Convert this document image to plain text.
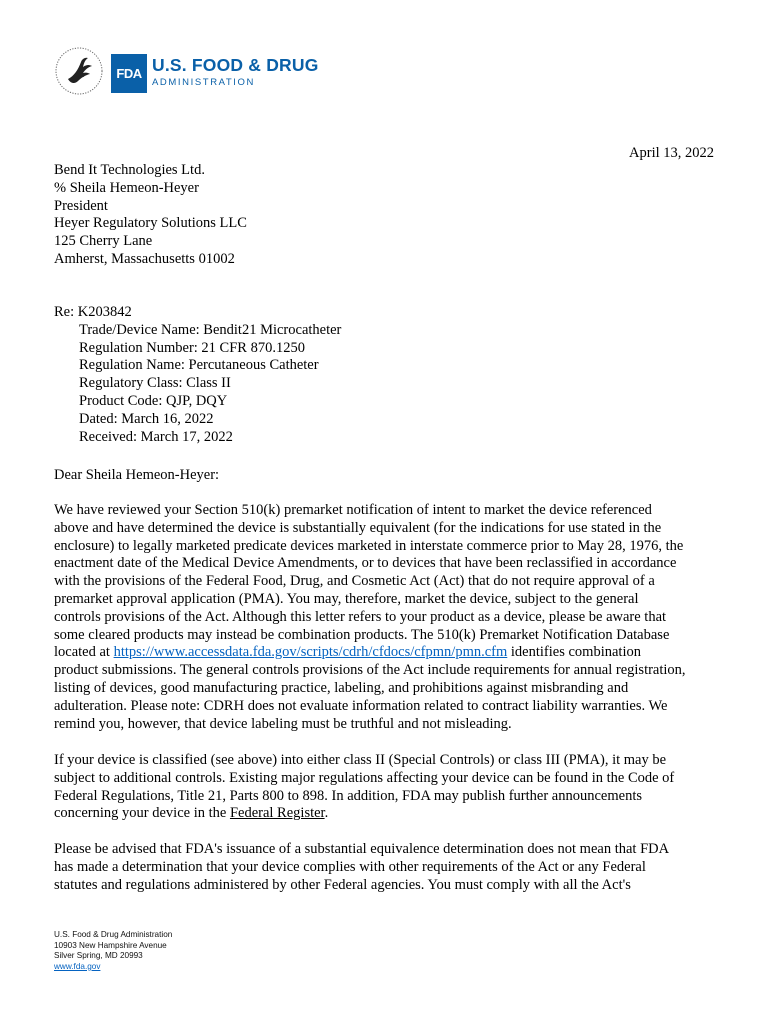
FDA U.S. FOOD & DRUG
ADMINISTRATION
April 13, 2022
Bend It Technologies Ltd.
% Sheila Hemeon-Heyer
President
Heyer Regulatory Solutions LLC
125 Cherry Lane
Amherst, Massachusetts 01002
Re: K203842
Trade/Device Name: Bendit21 Microcatheter
Regulation Number: 21 CFR 870.1250
Regulation Name: Percutaneous Catheter
Regulatory Class: Class II
Product Code: QJP, DQY
Dated: March 16, 2022
Received: March 17, 2022
Dear Sheila Hemeon-Heyer:
We have reviewed your Section 510(k) premarket notification of intent to market the device referenced
above and have determined the device is substantially equivalent (for the indications for use stated in the
enclosure) to legally marketed predicate devices marketed in interstate commerce prior to May 28, 1976, the
enactment date of the Medical Device Amendments, or to devices that have been reclassified in accordance
with the provisions of the Federal Food, Drug, and Cosmetic Act (Act) that do not require approval of a
premarket approval application (PMA). You may, therefore, market the device, subject to the general
controls provisions of the Act. Although this letter refers to your product as a device, please be aware that
some cleared products may instead be combination products. The 510(k) Premarket Notification Database
located at https://www.accessdata.fda.gov/scripts/cdrh/cfdocs/cfpmn/pmn.cfm identifies combination
product submissions. The general controls provisions of the Act include requirements for annual registration,
listing of devices, good manufacturing practice, labeling, and prohibitions against misbranding and
adulteration. Please note: CDRH does not evaluate information related to contract liability warranties. We
remind you, however, that device labeling must be truthful and not misleading.
If your device is classified (see above) into either class II (Special Controls) or class III (PMA), it may be
subject to additional controls. Existing major regulations affecting your device can be found in the Code of
Federal Regulations, Title 21, Parts 800 to 898. In addition, FDA may publish further announcements
concerning your device in the Federal Register.
Please be advised that FDA's issuance of a substantial equivalence determination does not mean that FDA
has made a determination that your device complies with other requirements of the Act or any Federal
statutes and regulations administered by other Federal agencies. You must comply with all the Act's
U.S. Food & Drug Administration
10903 New Hampshire Avenue
Silver Spring, MD 20993
www.fda.gov
